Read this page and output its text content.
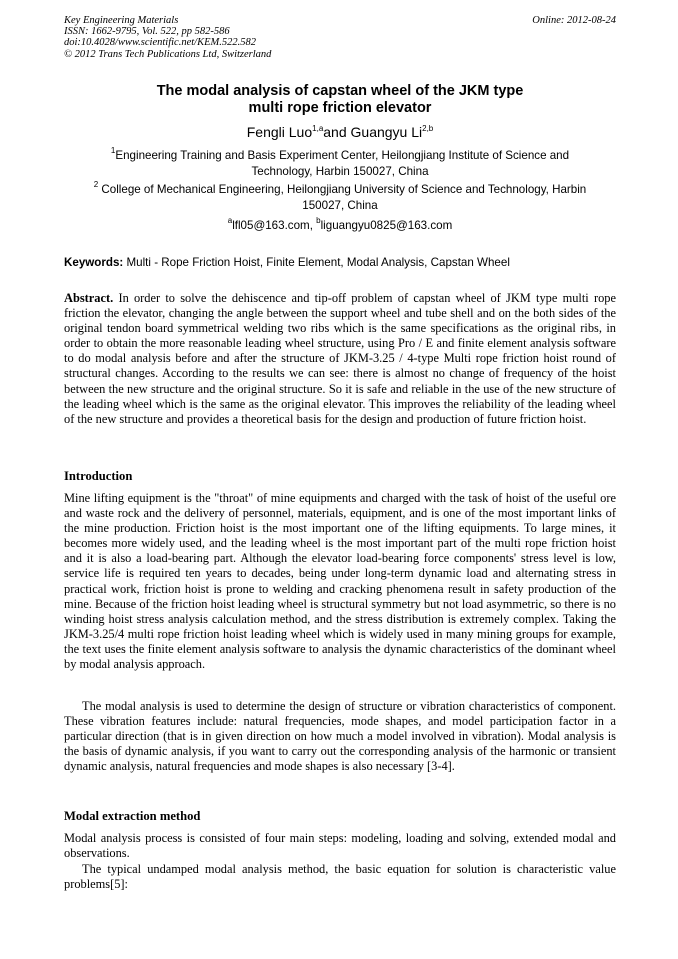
Key Engineering Materials
ISSN: 1662-9795, Vol. 522, pp 582-586
doi:10.4028/www.scientific.net/KEM.522.582
© 2012 Trans Tech Publications Ltd, Switzerland
Online: 2012-08-24
The modal analysis of capstan wheel of the JKM type
multi rope friction elevator
Fengli Luo$^{1,a}$and Guangyu Li$^{2,b}$
$^1$Engineering Training and Basis Experiment Center, Heilongjiang Institute of Science and
Technology, Harbin 150027, China
$^2$ College of Mechanical Engineering, Heilongjiang University of Science and Technology, Harbin
150027, China
$^a$lfl05@163.com, $^b$liguangyu0825@163.com
Keywords: Multi - Rope Friction Hoist, Finite Element, Modal Analysis, Capstan Wheel
Abstract. In order to solve the dehiscence and tip-off problem of capstan wheel of JKM type multi rope friction the elevator, changing the angle between the support wheel and tube shell and on the both sides of the original tendon board symmetrical welding two ribs which is the same specifications as the original ribs, in order to obtain the more reasonable leading wheel structure, using Pro / E and finite element analysis software to do modal analysis before and after the structure of JKM-3.25 / 4-type Multi rope friction hoist round of structural changes. According to the results we can see: there is almost no change of frequency of the hoist between the new structure and the original structure. So it is safe and reliable in the use of the new structure of the leading wheel which is the same as the original elevator. This improves the reliability of the leading wheel of the new structure and provides a theoretical basis for the design and production of future friction hoist.
Introduction
Mine lifting equipment is the "throat" of mine equipments and charged with the task of hoist of the useful ore and waste rock and the delivery of personnel, materials, equipment, and is one of the most important links of the mine production. Friction hoist is the most important one of the lifting equipments. To large mines, it becomes more widely used, and the leading wheel is the most important part of the multi rope friction hoist and it is also a load-bearing part. Although the elevator load-bearing force components' stress level is low, service life is required ten years to decades, being under long-term dynamic load and alternating stress in practical work, friction hoist is prone to welding and cracking phenomena result in safety production of the mine. Because of the friction hoist leading wheel is structural symmetry but not load asymmetric, so there is no winding hoist stress analysis calculation method, and the stress distribution is extremely complex. Taking the JKM-3.25/4 multi rope friction hoist leading wheel which is widely used in many mining groups for example, the text uses the finite element analysis software to analysis the dynamic characteristics of the dominant wheel by modal analysis approach.
The modal analysis is used to determine the design of structure or vibration characteristics of component. These vibration features include: natural frequencies, mode shapes, and model participation factor in a particular direction (that is in given direction on how much a model involved in vibration). Modal analysis is the basis of dynamic analysis, if you want to carry out the corresponding analysis of the harmonic or transient dynamic analysis, natural frequencies and mode shapes is also necessary [3-4].
Modal extraction method
Modal analysis process is consisted of four main steps: modeling, loading and solving, extended modal and observations.
The typical undamped modal analysis method, the basic equation for solution is characteristic value problems[5]:
